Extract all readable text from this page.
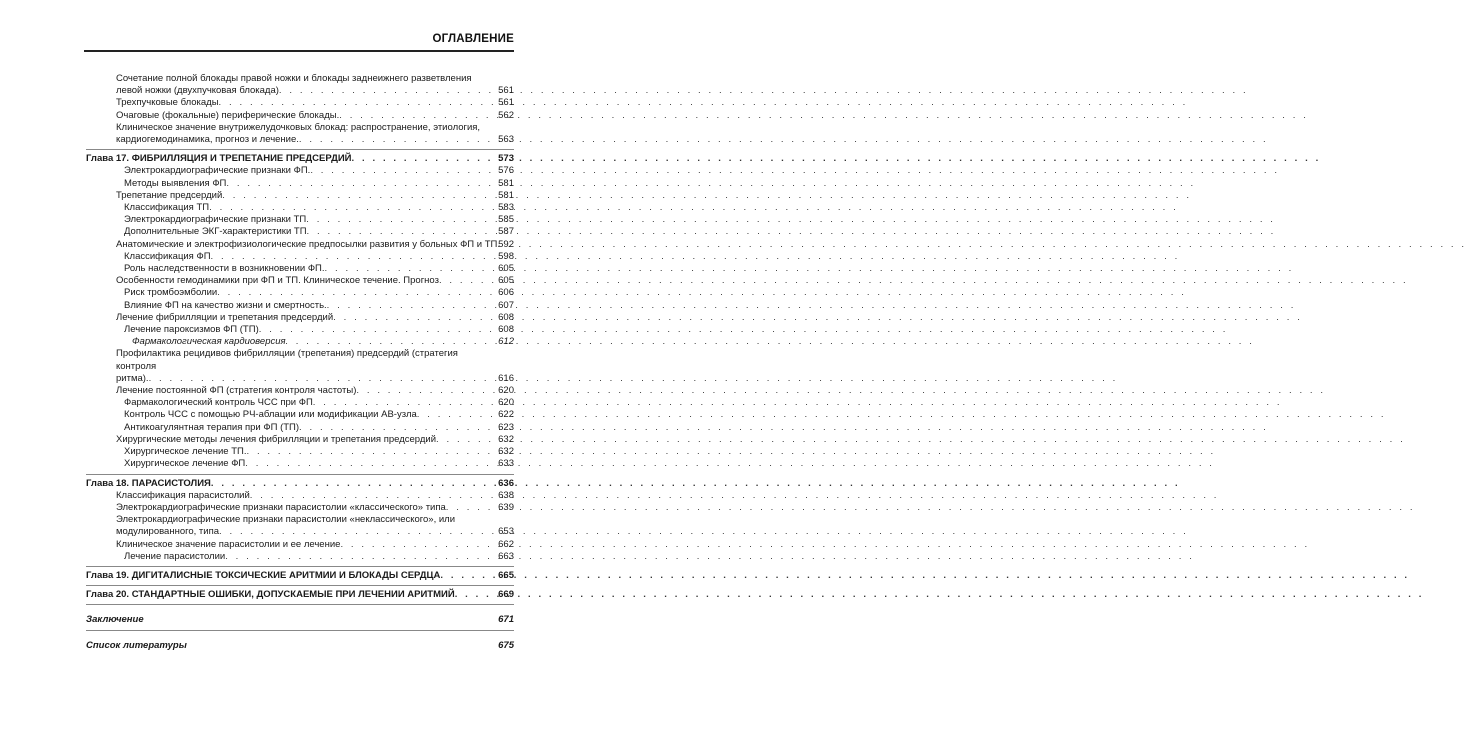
ОГЛАВЛЕНИЕ
Сочетание полной блокады правой ножки и блокады заднеижнего разветвления
левой ножки (двухпучковая блокада) . . .	561
Трехпучковые блокады . . .	561
Очаговые (фокальные) периферические блокады. . . .	562
Клиническое значение внутрижелудочковых блокад: распространение, этиология,
кардиогемодинамика, прогноз и лечение. . . .	563
Глава 17. ФИБРИЛЛЯЦИЯ И ТРЕПЕТАНИЕ ПРЕДСЕРДИЙ . . .	573
Электрокардиографические признаки ФП. . . .	576
Методы выявления ФП . . .	581
Трепетание предсердий . . .	581
Классификация ТП . . .	583
Электрокардиографические признаки ТП . . .	585
Дополнительные ЭКГ-характеристики ТП . . .	587
Анатомические и электрофизиологические предпосылки развития у больных ФП и ТП . . . 592
Классификация ФП . . .	598
Роль наследственности в возникновении ФП. . . .	605
Особенности гемодинамики при ФП и ТП. Клиническое течение. Прогноз . . .	605
Риск тромбоэмболии . . .	606
Влияние ФП на качество жизни и смертность. . . .	607
Лечение фибрилляции и трепетания предсердий . . .	608
Лечение пароксизмов ФП (ТП) . . .	608
Фармакологическая кардиоверсия . . .	612
Профилактика рецидивов фибрилляции (трепетания) предсердий (стратегия контроля
ритма). . . .	616
Лечение постоянной ФП (стратегия контроля частоты) . . .	620
Фармакологический контроль ЧСС при ФП . . .	620
Контроль ЧСС с помощью РЧ-аблации или модификации АВ-узла . . .	622
Антикоагулянтная терапия при ФП (ТП) . . .	623
Хирургические методы лечения фибрилляции и трепетания предсердий . . .	632
Хирургическое лечение ТП. . . .	632
Хирургическое лечение ФП . . .	633
Глава 18. ПАРАСИСТОЛИЯ . . .	636
Классификация парасистолий . . .	638
Электрокардиографические признаки парасистолии «классического» типа . . .	639
Электрокардиографические признаки парасистолии «неклассического», или
модулированного, типа . . .	653
Клиническое значение парасистолии и ее лечение . . .	662
Лечение парасистолии . . .	663
Глава 19. ДИГИТАЛИСНЫЕ ТОКСИЧЕСКИЕ АРИТМИИ И БЛОКАДЫ СЕРДЦА . . .	665
Глава 20. СТАНДАРТНЫЕ ОШИБКИ, ДОПУСКАЕМЫЕ ПРИ ЛЕЧЕНИИ АРИТМИЙ . . .	669
Заключение	671
Список литературы	675
